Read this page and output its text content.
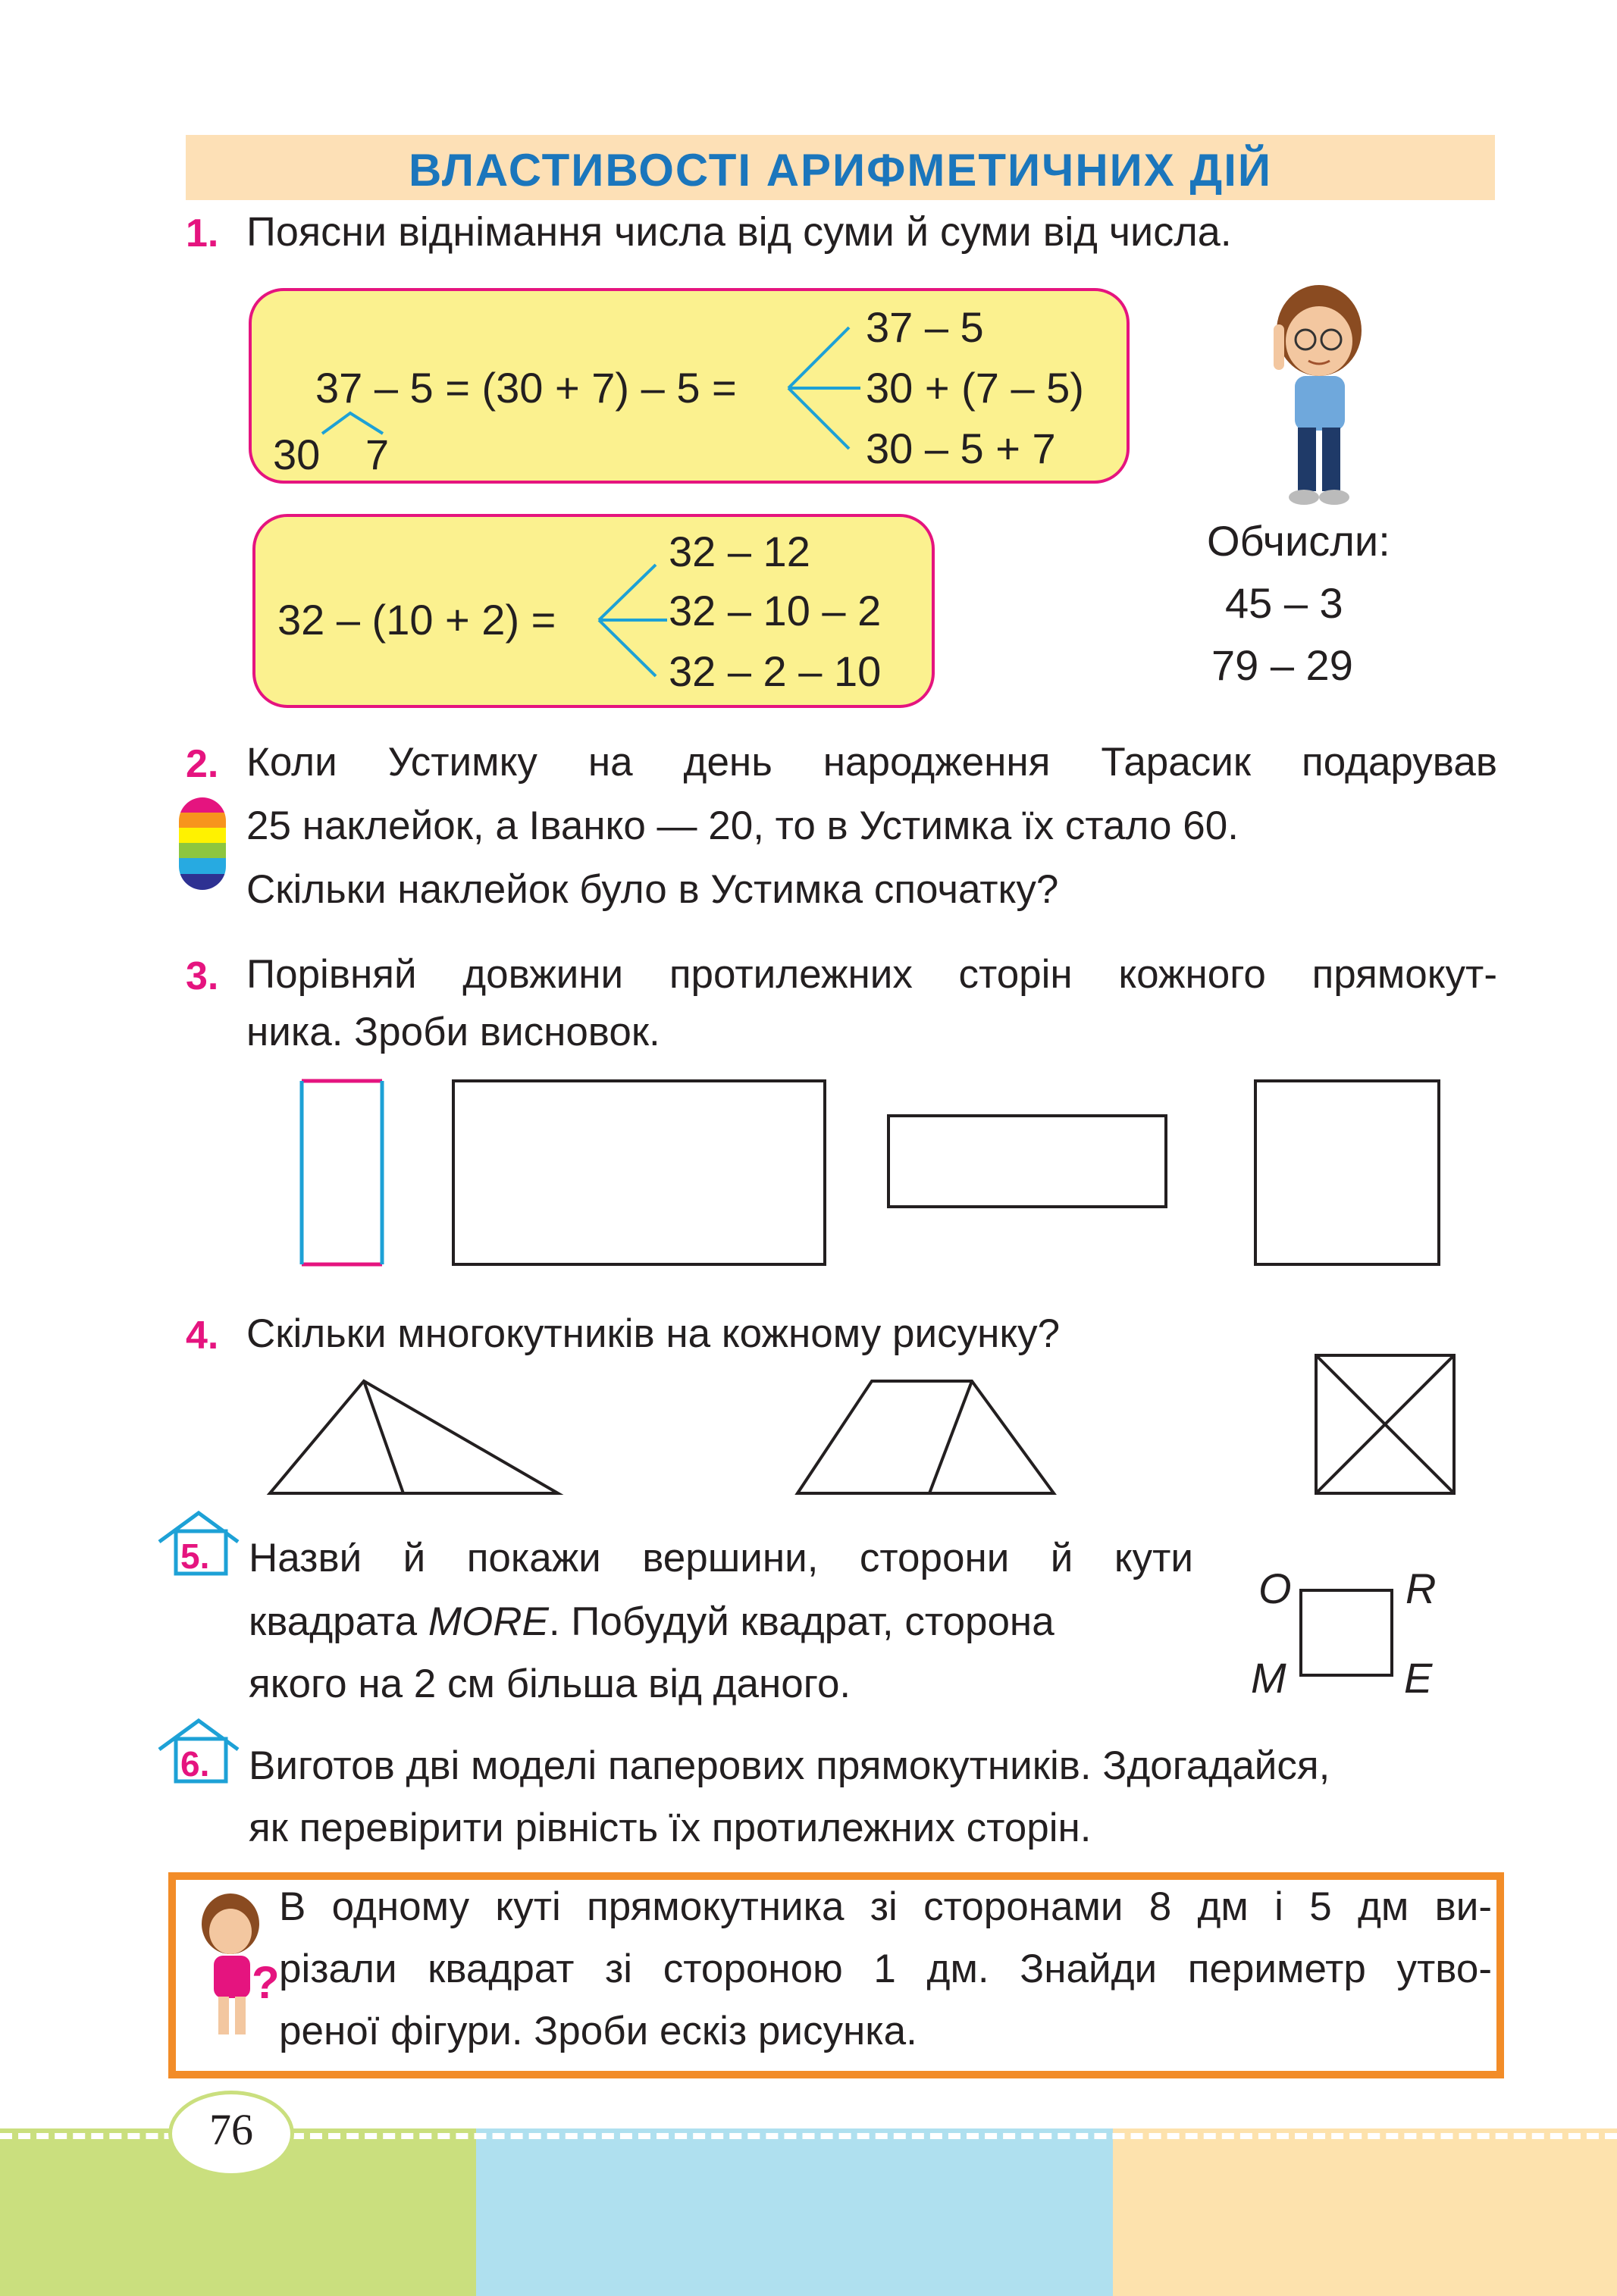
ВЛАСТИВОСТІ АРИФМЕТИЧНИХ ДІЙ
1. Поясни віднімання числа від суми й суми від числа.
37 – 5 = (30 + 7) – 5 =
30 7
37 – 5
30 + (7 – 5)
30 – 5 + 7
32 – (10 + 2) =
32 – 12
32 – 10 – 2
32 – 2 – 10
Обчисли:
45 – 3
79 – 29
2. Коли Устимку на день народження Тарасик подарував
25 наклейок, а Іванко — 20, то в Устимка їх стало 60.
Скільки наклейок було в Устимка спочатку?
3. Порівняй довжини протилежних сторін кожного прямокут-
ника. Зроби висновок.
4. Скільки многокутників на кожному рисунку?
5. Назви́ й покажи вершини, сторони й кути
квадрата MORE. Побудуй квадрат, сторона
якого на 2 см більша від даного.
O	R
M	E
6. Виготов дві моделі паперових прямокутників. Здогадайся,
як перевірити рівність їх протилежних сторін.
?
В одному куті прямокутника зі сторонами 8 дм і 5 дм ви-
різали квадрат зі стороною 1 дм. Знайди периметр утво-
реної фігури. Зроби ескіз рисунка.
76
